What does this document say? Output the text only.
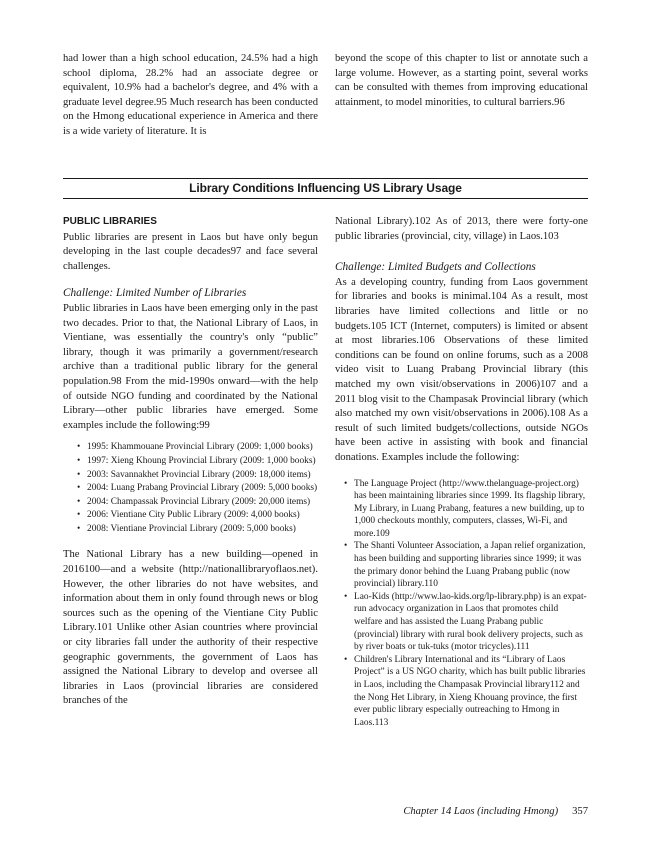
had lower than a high school education, 24.5% had a high school diploma, 28.2% had an associate degree or equivalent, 10.9% had a bachelor's degree, and 4% with a graduate level degree.95 Much research has been conducted on the Hmong educational experience in America and there is a wide variety of literature. It is

beyond the scope of this chapter to list or annotate such a large volume. However, as a starting point, several works can be consulted with themes from improving educational attainment, to model minorities, to cultural barriers.96

Library Conditions Influencing US Library Usage
PUBLIC LIBRARIES

Public libraries are present in Laos but have only begun developing in the last couple decades97 and face several challenges.

Challenge: Limited Number of Libraries

Public libraries in Laos have been emerging only in the past two decades. Prior to that, the National Library of Laos, in Vientiane, was essentially the country's only “public” library, though it was primarily a government/research archive than a traditional public library for the general population.98 From the mid-1990s onward—with the help of outside NGO funding and coordinated by the National Library—other public libraries have emerged. Some examples include the following:99

• 1995: Khammouane Provincial Library (2009: 1,000 books)
• 1997: Xieng Khoung Provincial Library (2009: 1,000 books)
• 2003: Savannakhet Provincial Library (2009: 18,000 items)
• 2004: Luang Prabang Provincial Library (2009: 5,000 books)
• 2004: Champassak Provincial Library (2009: 20,000 items)
• 2006: Vientiane City Public Library (2009: 4,000 books)
• 2008: Vientiane Provincial Library (2009: 5,000 books)

The National Library has a new building—opened in 2016100—and a website (http://nationallibraryoflaos.net). However, the other libraries do not have websites, and information about them in only found through news or blog sources such as the opening of the Vientiane City Public Library.101 Unlike other Asian countries where provincial or city libraries fall under the authority of their respective geographic governments, the government of Laos has assigned the National Library to develop and oversee all libraries in Laos (provincial libraries are considered branches of the

National Library).102 As of 2013, there were forty-one public libraries (provincial, city, village) in Laos.103

Challenge: Limited Budgets and Collections

As a developing country, funding from Laos government for libraries and books is minimal.104 As a result, most libraries have limited collections and little or no budgets.105 ICT (Internet, computers) is limited or absent at most libraries.106 Observations of these limited conditions can be found on online forums, such as a 2008 video visit to Luang Prabang Provincial library (this matched my own visit/observations in 2006)107 and a 2011 blog visit to the Champasak Provincial library (which also matched my own visit/observations in 2006).108 As a result of such limited budgets/collections, outside NGOs have been active in assisting with book and financial donations. Examples include the following:

• The Language Project (http://www.thelanguage-project.org) has been maintaining libraries since 1999. Its flagship library, My Library, in Luang Prabang, features a new building, up to 1,000 checkouts monthly, computers, classes, Wi-Fi, and more.109
• The Shanti Volunteer Association, a Japan relief organization, has been building and supporting libraries since 1999; it was the primary donor behind the Luang Prabang public (now provincial) library.110
• Lao-Kids (http://www.lao-kids.org/lp-library.php) is an expat-run advocacy organization in Laos that promotes child welfare and has assisted the Luang Prabang public (provincial) library with rural book delivery projects, such as by river boats or tuk-tuks (motor tricycles).111
• Children's Library International and its “Library of Laos Project” is a US NGO charity, which has built public libraries in Laos, including the Champasak Provincial library112 and the Nong Het Library, in Xieng Khouang province, the first ever public library especially outreaching to Hmong in Laos.113
Chapter 14 Laos (including Hmong) 357
